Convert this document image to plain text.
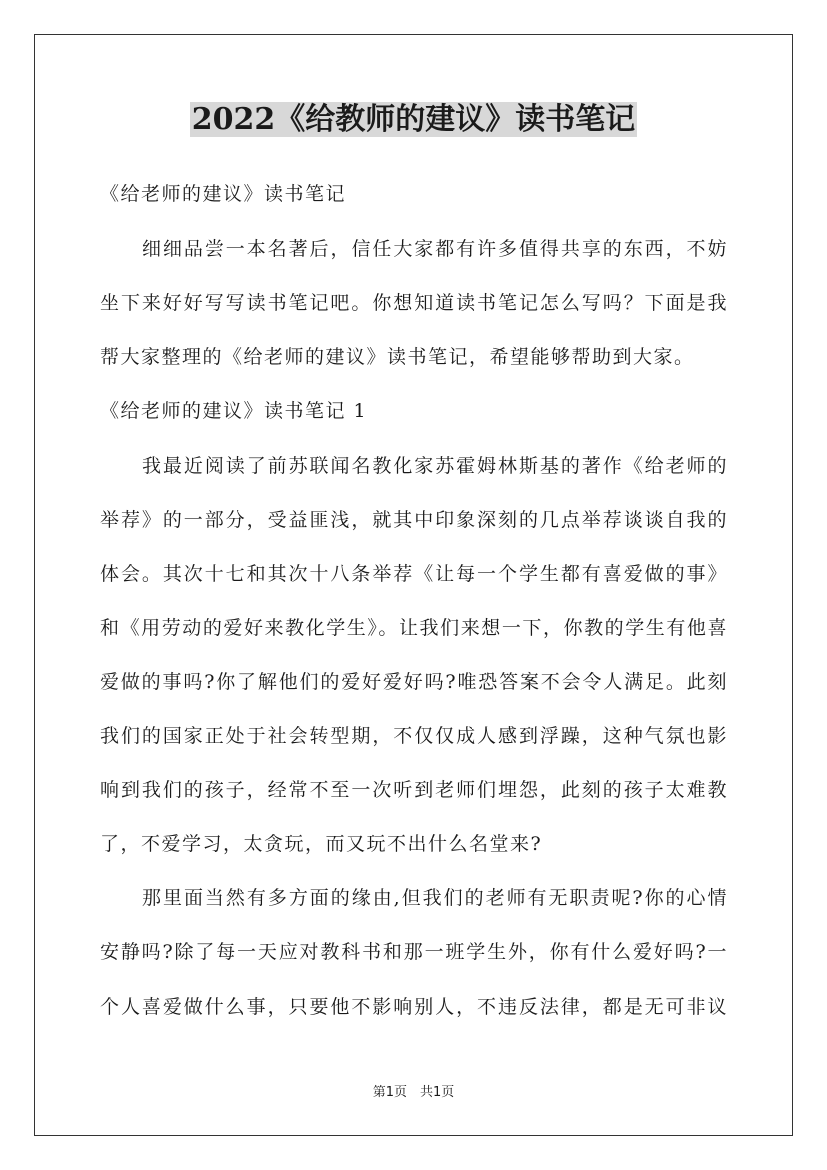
2022《给教师的建议》读书笔记
《给老师的建议》读书笔记
细细品尝一本名著后，信任大家都有许多值得共享的东西，不妨
坐下来好好写写读书笔记吧。你想知道读书笔记怎么写吗？下面是我
帮大家整理的《给老师的建议》读书笔记，希望能够帮助到大家。
《给老师的建议》读书笔记 1
我最近阅读了前苏联闻名教化家苏霍姆林斯基的著作《给老师的
举荐》的一部分，受益匪浅，就其中印象深刻的几点举荐谈谈自我的
体会。其次十七和其次十八条举荐《让每一个学生都有喜爱做的事》
和《用劳动的爱好来教化学生》。让我们来想一下，你教的学生有他喜
爱做的事吗?你了解他们的爱好爱好吗?唯恐答案不会令人满足。此刻
我们的国家正处于社会转型期，不仅仅成人感到浮躁，这种气氛也影
响到我们的孩子，经常不至一次听到老师们埋怨，此刻的孩子太难教
了，不爱学习，太贪玩，而又玩不出什么名堂来?
那里面当然有多方面的缘由,但我们的老师有无职责呢?你的心情
安静吗?除了每一天应对教科书和那一班学生外，你有什么爱好吗?一
个人喜爱做什么事，只要他不影响别人，不违反法律，都是无可非议
第1页　共1页
